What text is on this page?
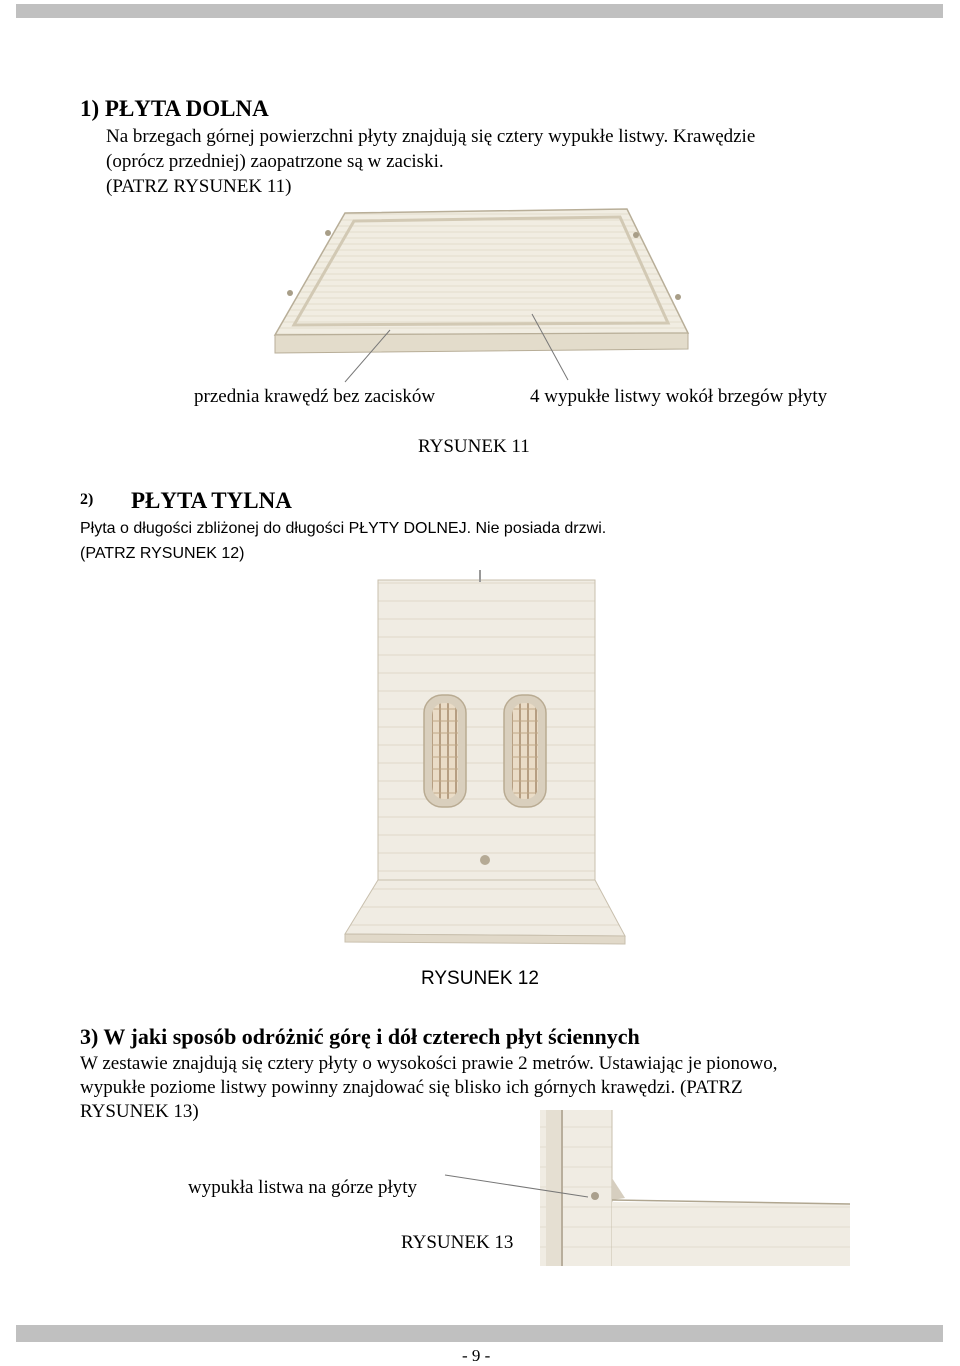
1) PŁYTA DOLNA
Na brzegach górnej powierzchni płyty znajdują się cztery wypukłe listwy. Krawędzie
(oprócz przedniej) zaopatrzone są w zaciski.
(PATRZ RYSUNEK 11)
przednia krawędź bez zacisków	4 wypukłe listwy wokół brzegów płyty
RYSUNEK 11
2) PŁYTA TYLNA
Płyta o długości zbliżonej do długości PŁYTY DOLNEJ. Nie posiada drzwi.
(PATRZ RYSUNEK 12)
RYSUNEK 12
3) W jaki sposób odróżnić górę i dół czterech płyt ściennych
W zestawie znajdują się cztery płyty o wysokości prawie 2 metrów. Ustawiając je pionowo,
wypukłe poziome listwy powinny znajdować się blisko ich górnych krawędzi. (PATRZ
RYSUNEK 13)
wypukła listwa na górze płyty
RYSUNEK 13
- 9 -
